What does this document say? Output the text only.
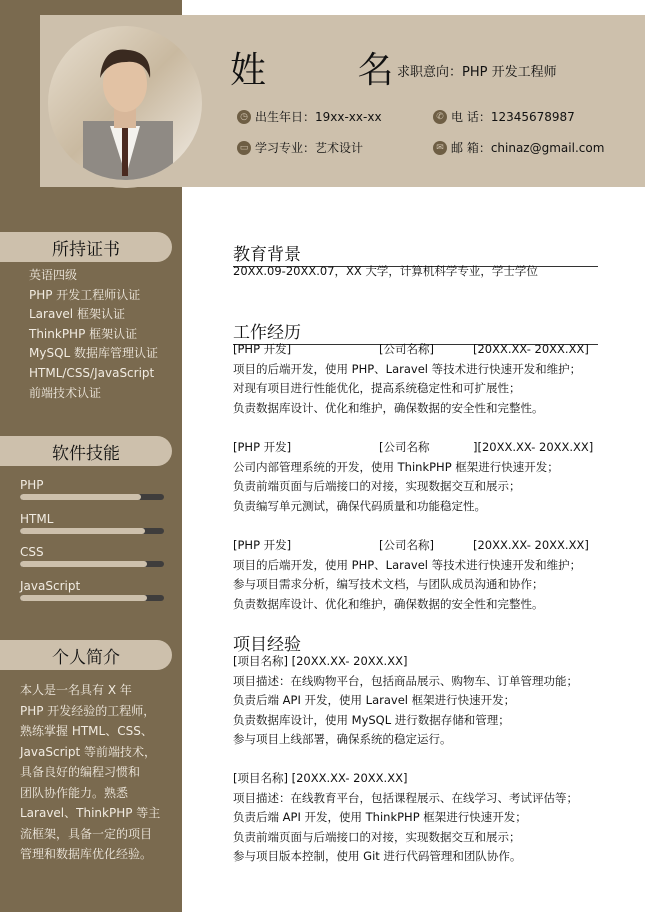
姓 名
求职意向：PHP 开发工程师
◷ 出生年日：19xx-xx-xx
▭ 学习专业：艺术设计
✆ 电 话：12345678987
✉ 邮 箱：chinaz@gmail.com
所持证书
英语四级
PHP 开发工程师认证
Laravel 框架认证
ThinkPHP 框架认证
MySQL 数据库管理认证
HTML/CSS/JavaScript
前端技术认证
软件技能
PHP
HTML
CSS
JavaScript
个人简介
本人是一名具有 X 年
PHP 开发经验的工程师，
熟练掌握 HTML、CSS、
JavaScript 等前端技术，
具备良好的编程习惯和
团队协作能力。熟悉
Laravel、ThinkPHP 等主
流框架，具备一定的项目
管理和数据库优化经验。
教育背景
20XX.09-20XX.07，XX 大学，计算机科学专业，学士学位
工作经历
[PHP 开发]	[公司名称]	[20XX.XX- 20XX.XX]
项目的后端开发，使用 PHP、Laravel 等技术进行快速开发和维护；
对现有项目进行性能优化，提高系统稳定性和可扩展性；
负责数据库设计、优化和维护，确保数据的安全性和完整性。
[PHP 开发]	[公司名称	][20XX.XX- 20XX.XX]
公司内部管理系统的开发，使用 ThinkPHP 框架进行快速开发；
负责前端页面与后端接口的对接，实现数据交互和展示；
负责编写单元测试，确保代码质量和功能稳定性。
[PHP 开发]	[公司名称]	[20XX.XX- 20XX.XX]
项目的后端开发，使用 PHP、Laravel 等技术进行快速开发和维护；
参与项目需求分析，编写技术文档，与团队成员沟通和协作；
负责数据库设计、优化和维护，确保数据的安全性和完整性。
项目经验
[项目名称] [20XX.XX- 20XX.XX]
项目描述：在线购物平台，包括商品展示、购物车、订单管理功能；
负责后端 API 开发，使用 Laravel 框架进行快速开发；
负责数据库设计，使用 MySQL 进行数据存储和管理；
参与项目上线部署，确保系统的稳定运行。
[项目名称] [20XX.XX- 20XX.XX]
项目描述：在线教育平台，包括课程展示、在线学习、考试评估等；
负责后端 API 开发，使用 ThinkPHP 框架进行快速开发；
负责前端页面与后端接口的对接，实现数据交互和展示；
参与项目版本控制，使用 Git 进行代码管理和团队协作。
